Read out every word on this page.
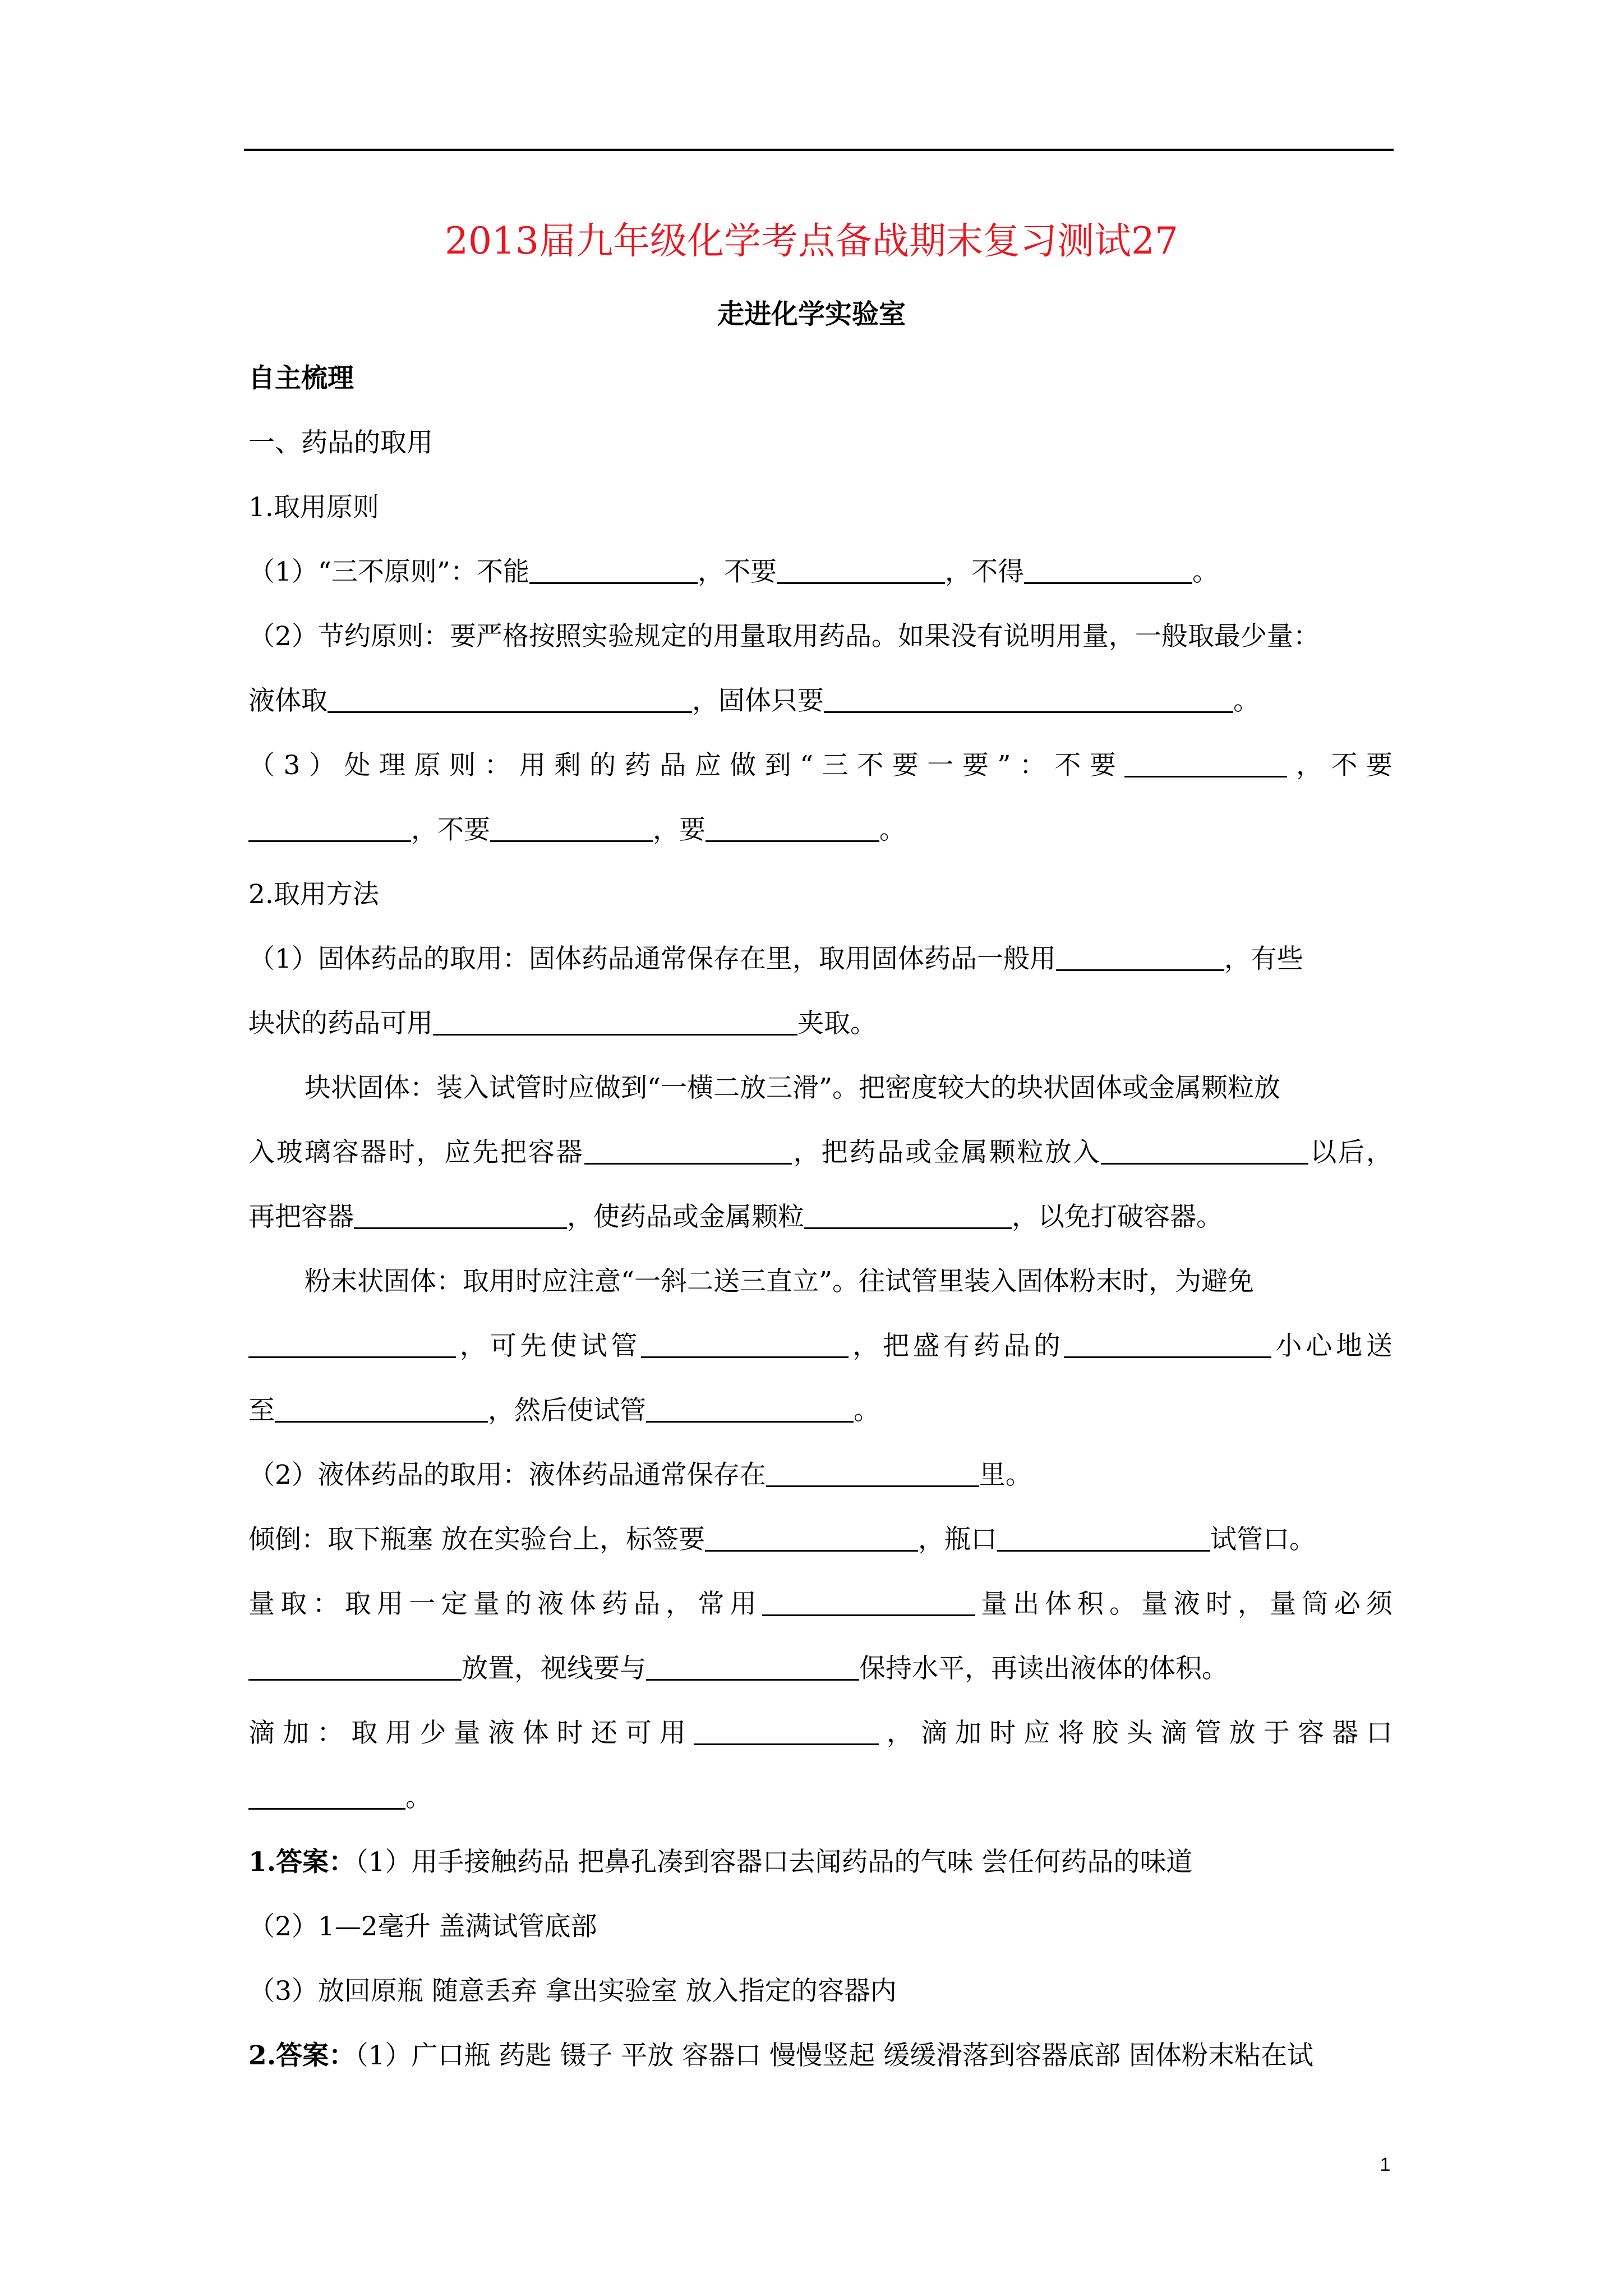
2013届九年级化学考点备战期末复习测试27
走进化学实验室
自主梳理
一、药品的取用
1.取用原则
（1）“三不原则”：不能	，不要	，不得	。
（2）节约原则：要严格按照实验规定的用量取用药品。如果没有说明用量，一般取最少量：
液体取	，固体只要	。
（3）处理原则：用剩的药品应做到“三不要一要”：不要	，不要
，不要	，要	。
2.取用方法
（1）固体药品的取用：固体药品通常保存在里，取用固体药品一般用	，有些
块状的药品可用	夹取。
块状固体：装入试管时应做到“一横二放三滑”。把密度较大的块状固体或金属颗粒放
入玻璃容器时，应先把容器	，把药品或金属颗粒放入	以后，
再把容器	，使药品或金属颗粒	，以免打破容器。
粉末状固体：取用时应注意“一斜二送三直立”。往试管里装入固体粉末时，为避免
，可先使试管	，把盛有药品的	小心地送
至	，然后使试管	。
（2）液体药品的取用：液体药品通常保存在	里。
倾倒：取下瓶塞 放在实验台上，标签要	，瓶口	试管口。
量取：取用一定量的液体药品，常用	量出体积。量液时，量筒必须
放置，视线要与	保持水平，再读出液体的体积。
滴加：取用少量液体时还可用	，滴加时应将胶头滴管放于容器口
。
1.答案：（1）用手接触药品 把鼻孔凑到容器口去闻药品的气味 尝任何药品的味道
（2）1—2毫升 盖满试管底部
（3）放回原瓶 随意丢弃 拿出实验室 放入指定的容器内
2.答案：（1）广口瓶 药匙 镊子 平放 容器口 慢慢竖起 缓缓滑落到容器底部 固体粉末粘在试
1
